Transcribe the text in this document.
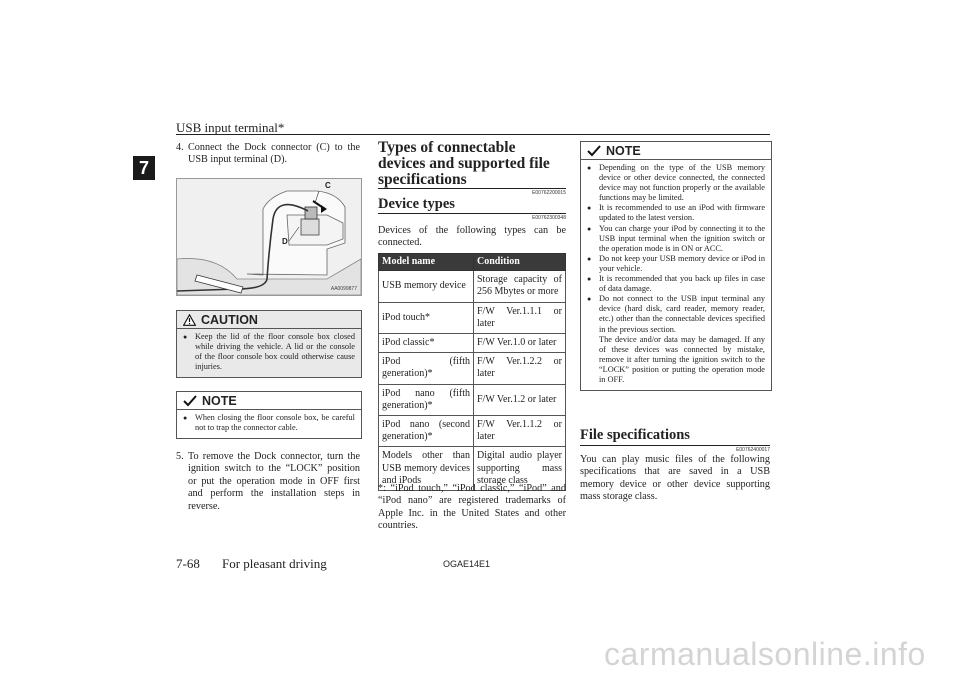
USB input terminal*
7
4. Connect the Dock connector (C) to the USB input terminal (D).
C
D
AA0099877
CAUTION
● Keep the lid of the floor console box closed while driving the vehicle. A lid or the console of the floor console box could otherwise cause injuries.
NOTE
● When closing the floor console box, be careful not to trap the connector cable.
5. To remove the Dock connector, turn the ignition switch to the “LOCK” position or put the operation mode in OFF first and perform the installation steps in reverse.
Types of connectable devices and supported file specifications
E00762200015
Device types
E00762300348
Devices of the following types can be connected.
Model name	Condition
USB memory device	Storage capacity of 256 Mbytes or more
iPod touch*	F/W Ver.1.1.1 or later
iPod classic*	F/W Ver.1.0 or later
iPod (fifth generation)*	F/W Ver.1.2.2 or later
iPod nano (fifth generation)*	F/W Ver.1.2 or later
iPod nano (second generation)*	F/W Ver.1.1.2 or later
Models other than USB memory devices and iPods	Digital audio player supporting mass storage class
*: “iPod touch,” “iPod classic,” “iPod” and “iPod nano” are registered trademarks of Apple Inc. in the United States and other countries.
NOTE
● Depending on the type of the USB memory device or other device connected, the connected device may not function properly or the available functions may be limited.
● It is recommended to use an iPod with firmware updated to the latest version.
● You can charge your iPod by connecting it to the USB input terminal when the ignition switch or the operation mode is in ON or ACC.
● Do not keep your USB memory device or iPod in your vehicle.
● It is recommended that you back up files in case of data damage.
● Do not connect to the USB input terminal any device (hard disk, card reader, memory reader, etc.) other than the connectable devices specified in the previous section.
The device and/or data may be damaged. If any of these devices was connected by mistake, remove it after turning the ignition switch to the “LOCK” position or putting the operation mode in OFF.
File specifications
E00762400017
You can play music files of the following specifications that are saved in a USB memory device or other device supporting mass storage class.
7-68 For pleasant driving	OGAE14E1
carmanualsonline.info
